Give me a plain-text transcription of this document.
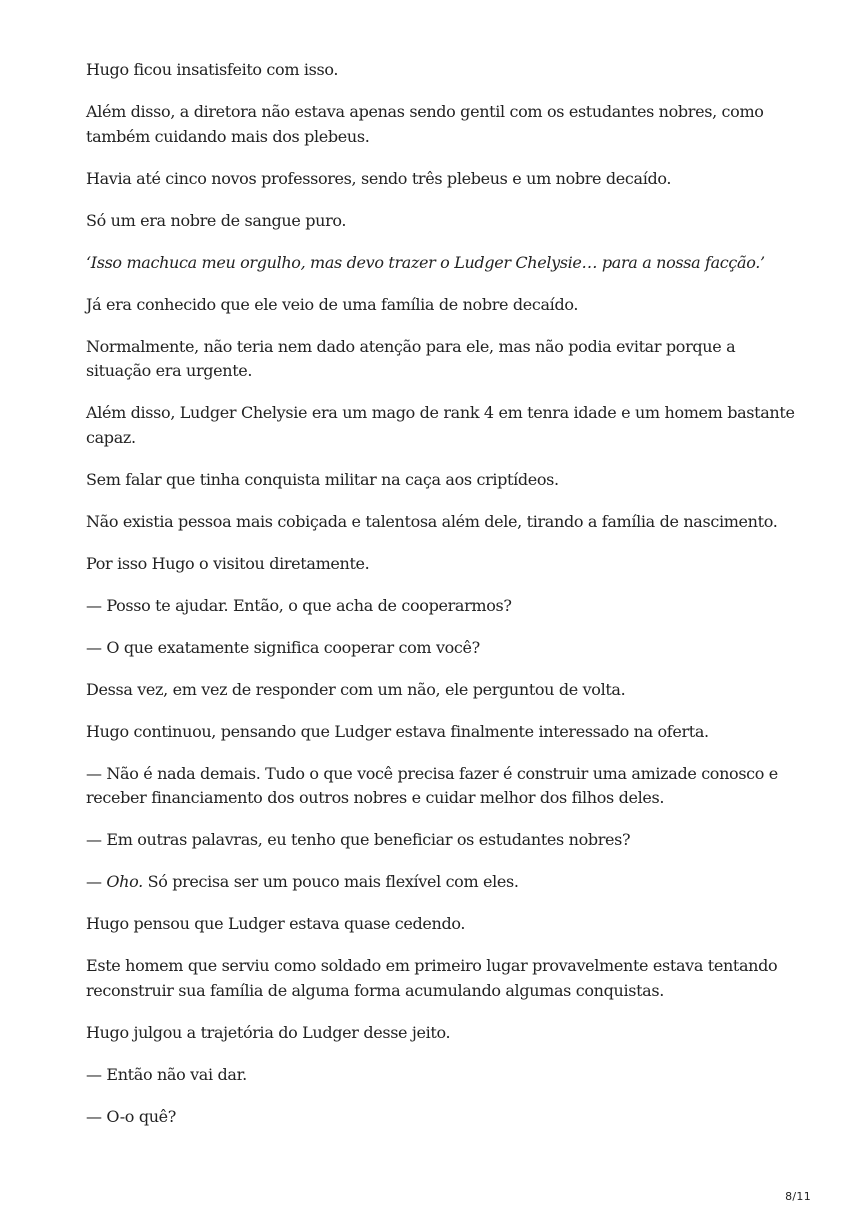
Hugo ficou insatisfeito com isso.

Além disso, a diretora não estava apenas sendo gentil com os estudantes nobres, como também cuidando mais dos plebeus.

Havia até cinco novos professores, sendo três plebeus e um nobre decaído.

Só um era nobre de sangue puro.

‘Isso machuca meu orgulho, mas devo trazer o Ludger Chelysie… para a nossa facção.’

Já era conhecido que ele veio de uma família de nobre decaído.

Normalmente, não teria nem dado atenção para ele, mas não podia evitar porque a situação era urgente.

Além disso, Ludger Chelysie era um mago de rank 4 em tenra idade e um homem bastante capaz.

Sem falar que tinha conquista militar na caça aos criptídeos.

Não existia pessoa mais cobiçada e talentosa além dele, tirando a família de nascimento.

Por isso Hugo o visitou diretamente.

— Posso te ajudar. Então, o que acha de cooperarmos?

— O que exatamente significa cooperar com você?

Dessa vez, em vez de responder com um não, ele perguntou de volta.

Hugo continuou, pensando que Ludger estava finalmente interessado na oferta.

— Não é nada demais. Tudo o que você precisa fazer é construir uma amizade conosco e receber financiamento dos outros nobres e cuidar melhor dos filhos deles.

— Em outras palavras, eu tenho que beneficiar os estudantes nobres?

— Oho. Só precisa ser um pouco mais flexível com eles.

Hugo pensou que Ludger estava quase cedendo.

Este homem que serviu como soldado em primeiro lugar provavelmente estava tentando reconstruir sua família de alguma forma acumulando algumas conquistas.

Hugo julgou a trajetória do Ludger desse jeito.

— Então não vai dar.

— O-o quê?

8/11
